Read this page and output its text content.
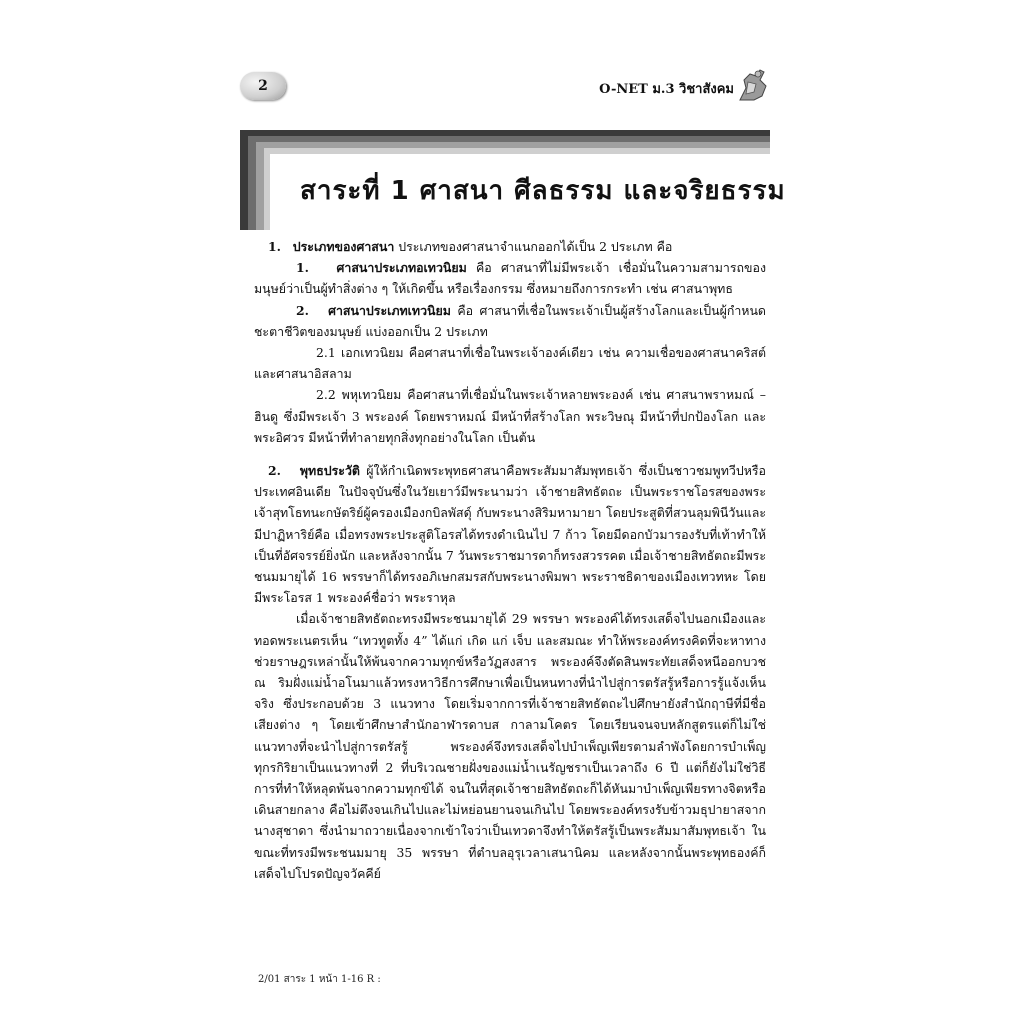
2	O-NET ม.3 วิชาสังคม
สาระที่ 1 ศาสนา ศีลธรรม และจริยธรรม

1. ประเภทของศาสนา ประเภทของศาสนาจำแนกออกได้เป็น 2 ประเภท คือ

1. ศาสนาประเภทอเทวนิยม คือ ศาสนาที่ไม่มีพระเจ้า เชื่อมั่นในความสามารถของมนุษย์ว่าเป็นผู้ทำสิ่งต่าง ๆ ให้เกิดขึ้น หรือเรื่องกรรม ซึ่งหมายถึงการกระทำ เช่น ศาสนาพุทธ

2. ศาสนาประเภทเทวนิยม คือ ศาสนาที่เชื่อในพระเจ้าเป็นผู้สร้างโลกและเป็นผู้กำหนดชะตาชีวิตของมนุษย์ แบ่งออกเป็น 2 ประเภท

2.1 เอกเทวนิยม คือศาสนาที่เชื่อในพระเจ้าองค์เดียว เช่น ความเชื่อของศาสนาคริสต์และศาสนาอิสลาม

2.2 พหุเทวนิยม คือศาสนาที่เชื่อมั่นในพระเจ้าหลายพระองค์ เช่น ศาสนาพราหมณ์ – ฮินดู ซึ่งมีพระเจ้า 3 พระองค์ โดยพราหมณ์ มีหน้าที่สร้างโลก พระวิษณุ มีหน้าที่ปกป้องโลก และพระอิศวร มีหน้าที่ทำลายทุกสิ่งทุกอย่างในโลก เป็นต้น

2. พุทธประวัติ ผู้ให้กำเนิดพระพุทธศาสนาคือพระสัมมาสัมพุทธเจ้า ซึ่งเป็นชาวชมพูทวีปหรือประเทศอินเดีย ในปัจจุบันซึ่งในวัยเยาว์มีพระนามว่า เจ้าชายสิทธัตถะ เป็นพระราชโอรสของพระเจ้าสุทโธทนะกษัตริย์ผู้ครองเมืองกบิลพัสดุ์ กับพระนางสิริมหามายา โดยประสูติที่สวนลุมพินีวันและมีปาฏิหาริย์คือ เมื่อทรงพระประสูติโอรสได้ทรงดำเนินไป 7 ก้าว โดยมีดอกบัวมารองรับที่เท้าทำให้เป็นที่อัศจรรย์ยิ่งนัก และหลังจากนั้น 7 วันพระราชมารดาก็ทรงสวรรคต เมื่อเจ้าชายสิทธัตถะมีพระชนมมายุได้ 16 พรรษาก็ได้ทรงอภิเษกสมรสกับพระนางพิมพา พระราชธิดาของเมืองเทวทหะ โดยมีพระโอรส 1 พระองค์ชื่อว่า พระราหุล

เมื่อเจ้าชายสิทธัตถะทรงมีพระชนมายุได้ 29 พรรษา พระองค์ได้ทรงเสด็จไปนอกเมืองและทอดพระเนตรเห็น “เทวทูตทั้ง 4” ได้แก่ เกิด แก่ เจ็บ และสมณะ ทำให้พระองค์ทรงคิดที่จะหาทางช่วยราษฎรเหล่านั้นให้พ้นจากความทุกข์หรือวัฏสงสาร พระองค์จึงตัดสินพระทัยเสด็จหนีออกบวช ณ ริมฝั่งแม่น้ำอโนมาแล้วทรงหาวิธีการศึกษาเพื่อเป็นหนทางที่นำไปสู่การตรัสรู้หรือการรู้แจ้งเห็นจริง ซึ่งประกอบด้วย 3 แนวทาง โดยเริ่มจากการที่เจ้าชายสิทธัตถะไปศึกษายังสำนักฤาษีที่มีชื่อเสียงต่าง ๆ โดยเข้าศึกษาสำนักอาฬารดาบส กาลามโคตร โดยเรียนจนจบหลักสูตรแต่ก็ไม่ใช่แนวทางที่จะนำไปสู่การตรัสรู้ พระองค์จึงทรงเสด็จไปบำเพ็ญเพียรตามลำพังโดยการบำเพ็ญทุกรกิริยาเป็นแนวทางที่ 2 ที่บริเวณชายฝั่งของแม่น้ำเนรัญชราเป็นเวลาถึง 6 ปี แต่ก็ยังไม่ใช่วิธีการที่ทำให้หลุดพ้นจากความทุกข์ได้ จนในที่สุดเจ้าชายสิทธัตถะก็ได้หันมาบำเพ็ญเพียรทางจิตหรือเดินสายกลาง คือไม่ตึงจนเกินไปและไม่หย่อนยานจนเกินไป โดยพระองค์ทรงรับข้าวมธุปายาสจากนางสุชาดา ซึ่งนำมาถวายเนื่องจากเข้าใจว่าเป็นเทวดาจึงทำให้ตรัสรู้เป็นพระสัมมาสัมพุทธเจ้า ในขณะที่ทรงมีพระชนมมายุ 35 พรรษา ที่ตำบลอุรุเวลาเสนานิคม และหลังจากนั้นพระพุทธองค์ก็เสด็จไปโปรดปัญจวัคคีย์

2/01 สาระ 1 หน้า 1-16 R :
